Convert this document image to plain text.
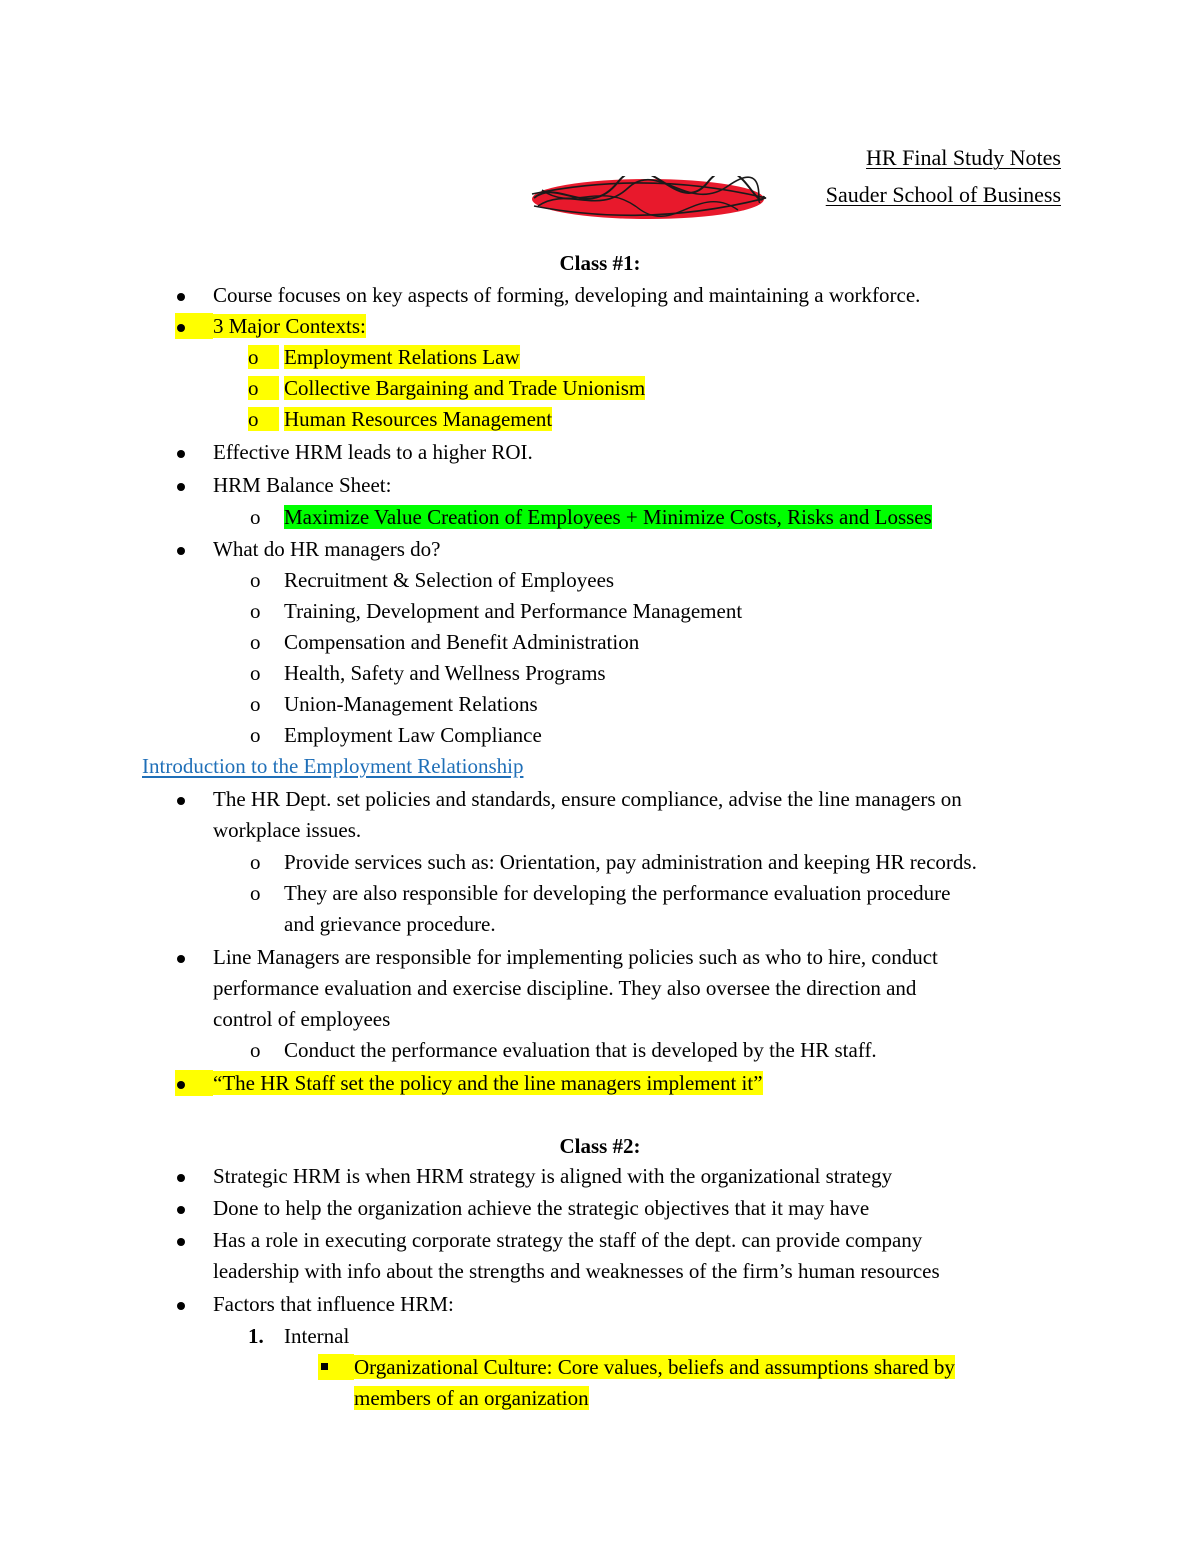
HR Final Study Notes
Sauder School of Business
Class #1:
Course focuses on key aspects of forming, developing and maintaining a workforce.
3 Major Contexts:
o	Employment Relations Law
o	Collective Bargaining and Trade Unionism
o	Human Resources Management
Effective HRM leads to a higher ROI.
HRM Balance Sheet:
o Maximize Value Creation of Employees + Minimize Costs, Risks and Losses
What do HR managers do?
o Recruitment & Selection of Employees
o Training, Development and Performance Management
o Compensation and Benefit Administration
o Health, Safety and Wellness Programs
o Union-Management Relations
o Employment Law Compliance
Introduction to the Employment Relationship
The HR Dept. set policies and standards, ensure compliance, advise the line managers on
workplace issues.
o Provide services such as: Orientation, pay administration and keeping HR records.
o They are also responsible for developing the performance evaluation procedure
and grievance procedure.
Line Managers are responsible for implementing policies such as who to hire, conduct
performance evaluation and exercise discipline. They also oversee the direction and
control of employees
o Conduct the performance evaluation that is developed by the HR staff.
“The HR Staff set the policy and the line managers implement it”
Class #2:
Strategic HRM is when HRM strategy is aligned with the organizational strategy
Done to help the organization achieve the strategic objectives that it may have
Has a role in executing corporate strategy the staff of the dept. can provide company
leadership with info about the strengths and weaknesses of the firm’s human resources
Factors that influence HRM:
1. Internal
Organizational Culture: Core values, beliefs and assumptions shared by
members of an organization
